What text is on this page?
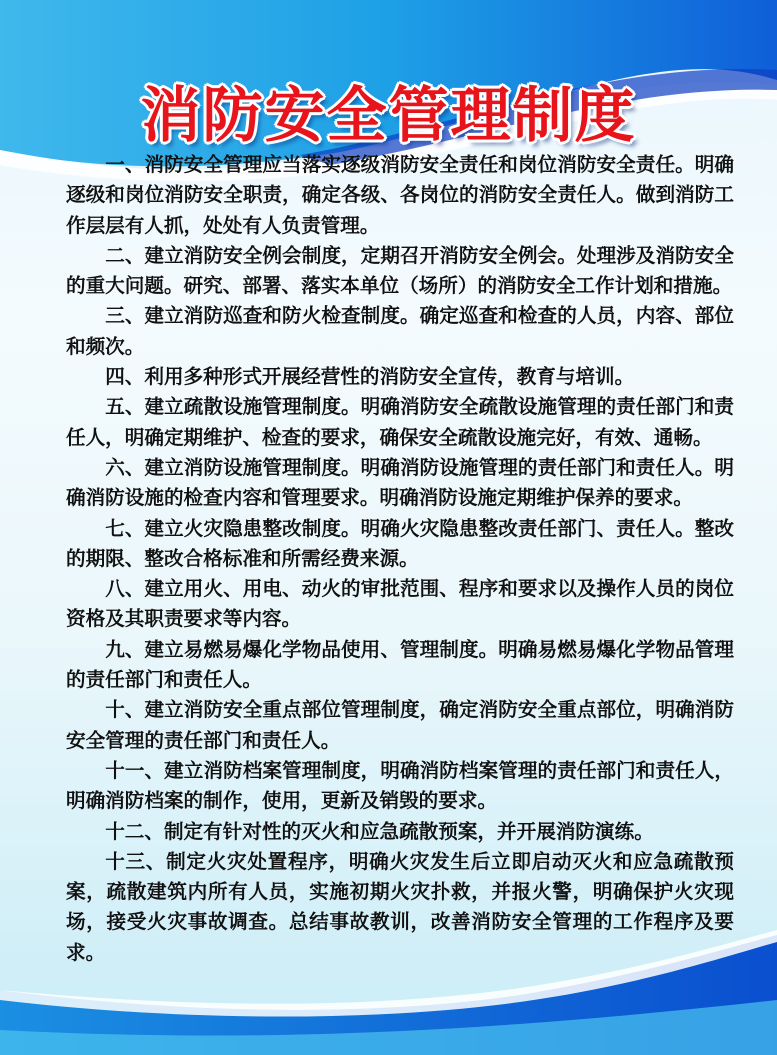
消防安全管理制度

一、消防安全管理应当落实逐级消防安全责任和岗位消防安全责任。明确逐级和岗位消防安全职责，确定各级、各岗位的消防安全责任人。做到消防工作层层有人抓，处处有人负责管理。

二、建立消防安全例会制度，定期召开消防安全例会。处理涉及消防安全的重大问题。研究、部署、落实本单位（场所）的消防安全工作计划和措施。

三、建立消防巡查和防火检查制度。确定巡查和检查的人员，内容、部位和频次。

四、利用多种形式开展经营性的消防安全宣传，教育与培训。

五、建立疏散设施管理制度。明确消防安全疏散设施管理的责任部门和责任人，明确定期维护、检查的要求，确保安全疏散设施完好，有效、通畅。

六、建立消防设施管理制度。明确消防设施管理的责任部门和责任人。明确消防设施的检查内容和管理要求。明确消防设施定期维护保养的要求。

七、建立火灾隐患整改制度。明确火灾隐患整改责任部门、责任人。整改的期限、整改合格标准和所需经费来源。

八、建立用火、用电、动火的审批范围、程序和要求以及操作人员的岗位资格及其职责要求等内容。

九、建立易燃易爆化学物品使用、管理制度。明确易燃易爆化学物品管理的责任部门和责任人。

十、建立消防安全重点部位管理制度，确定消防安全重点部位，明确消防安全管理的责任部门和责任人。

十一、建立消防档案管理制度，明确消防档案管理的责任部门和责任人，明确消防档案的制作，使用，更新及销毁的要求。

十二、制定有针对性的灭火和应急疏散预案，并开展消防演练。

十三、制定火灾处置程序，明确火灾发生后立即启动灭火和应急疏散预案，疏散建筑内所有人员，实施初期火灾扑救，并报火警，明确保护火灾现场，接受火灾事故调查。总结事故教训，改善消防安全管理的工作程序及要求。
